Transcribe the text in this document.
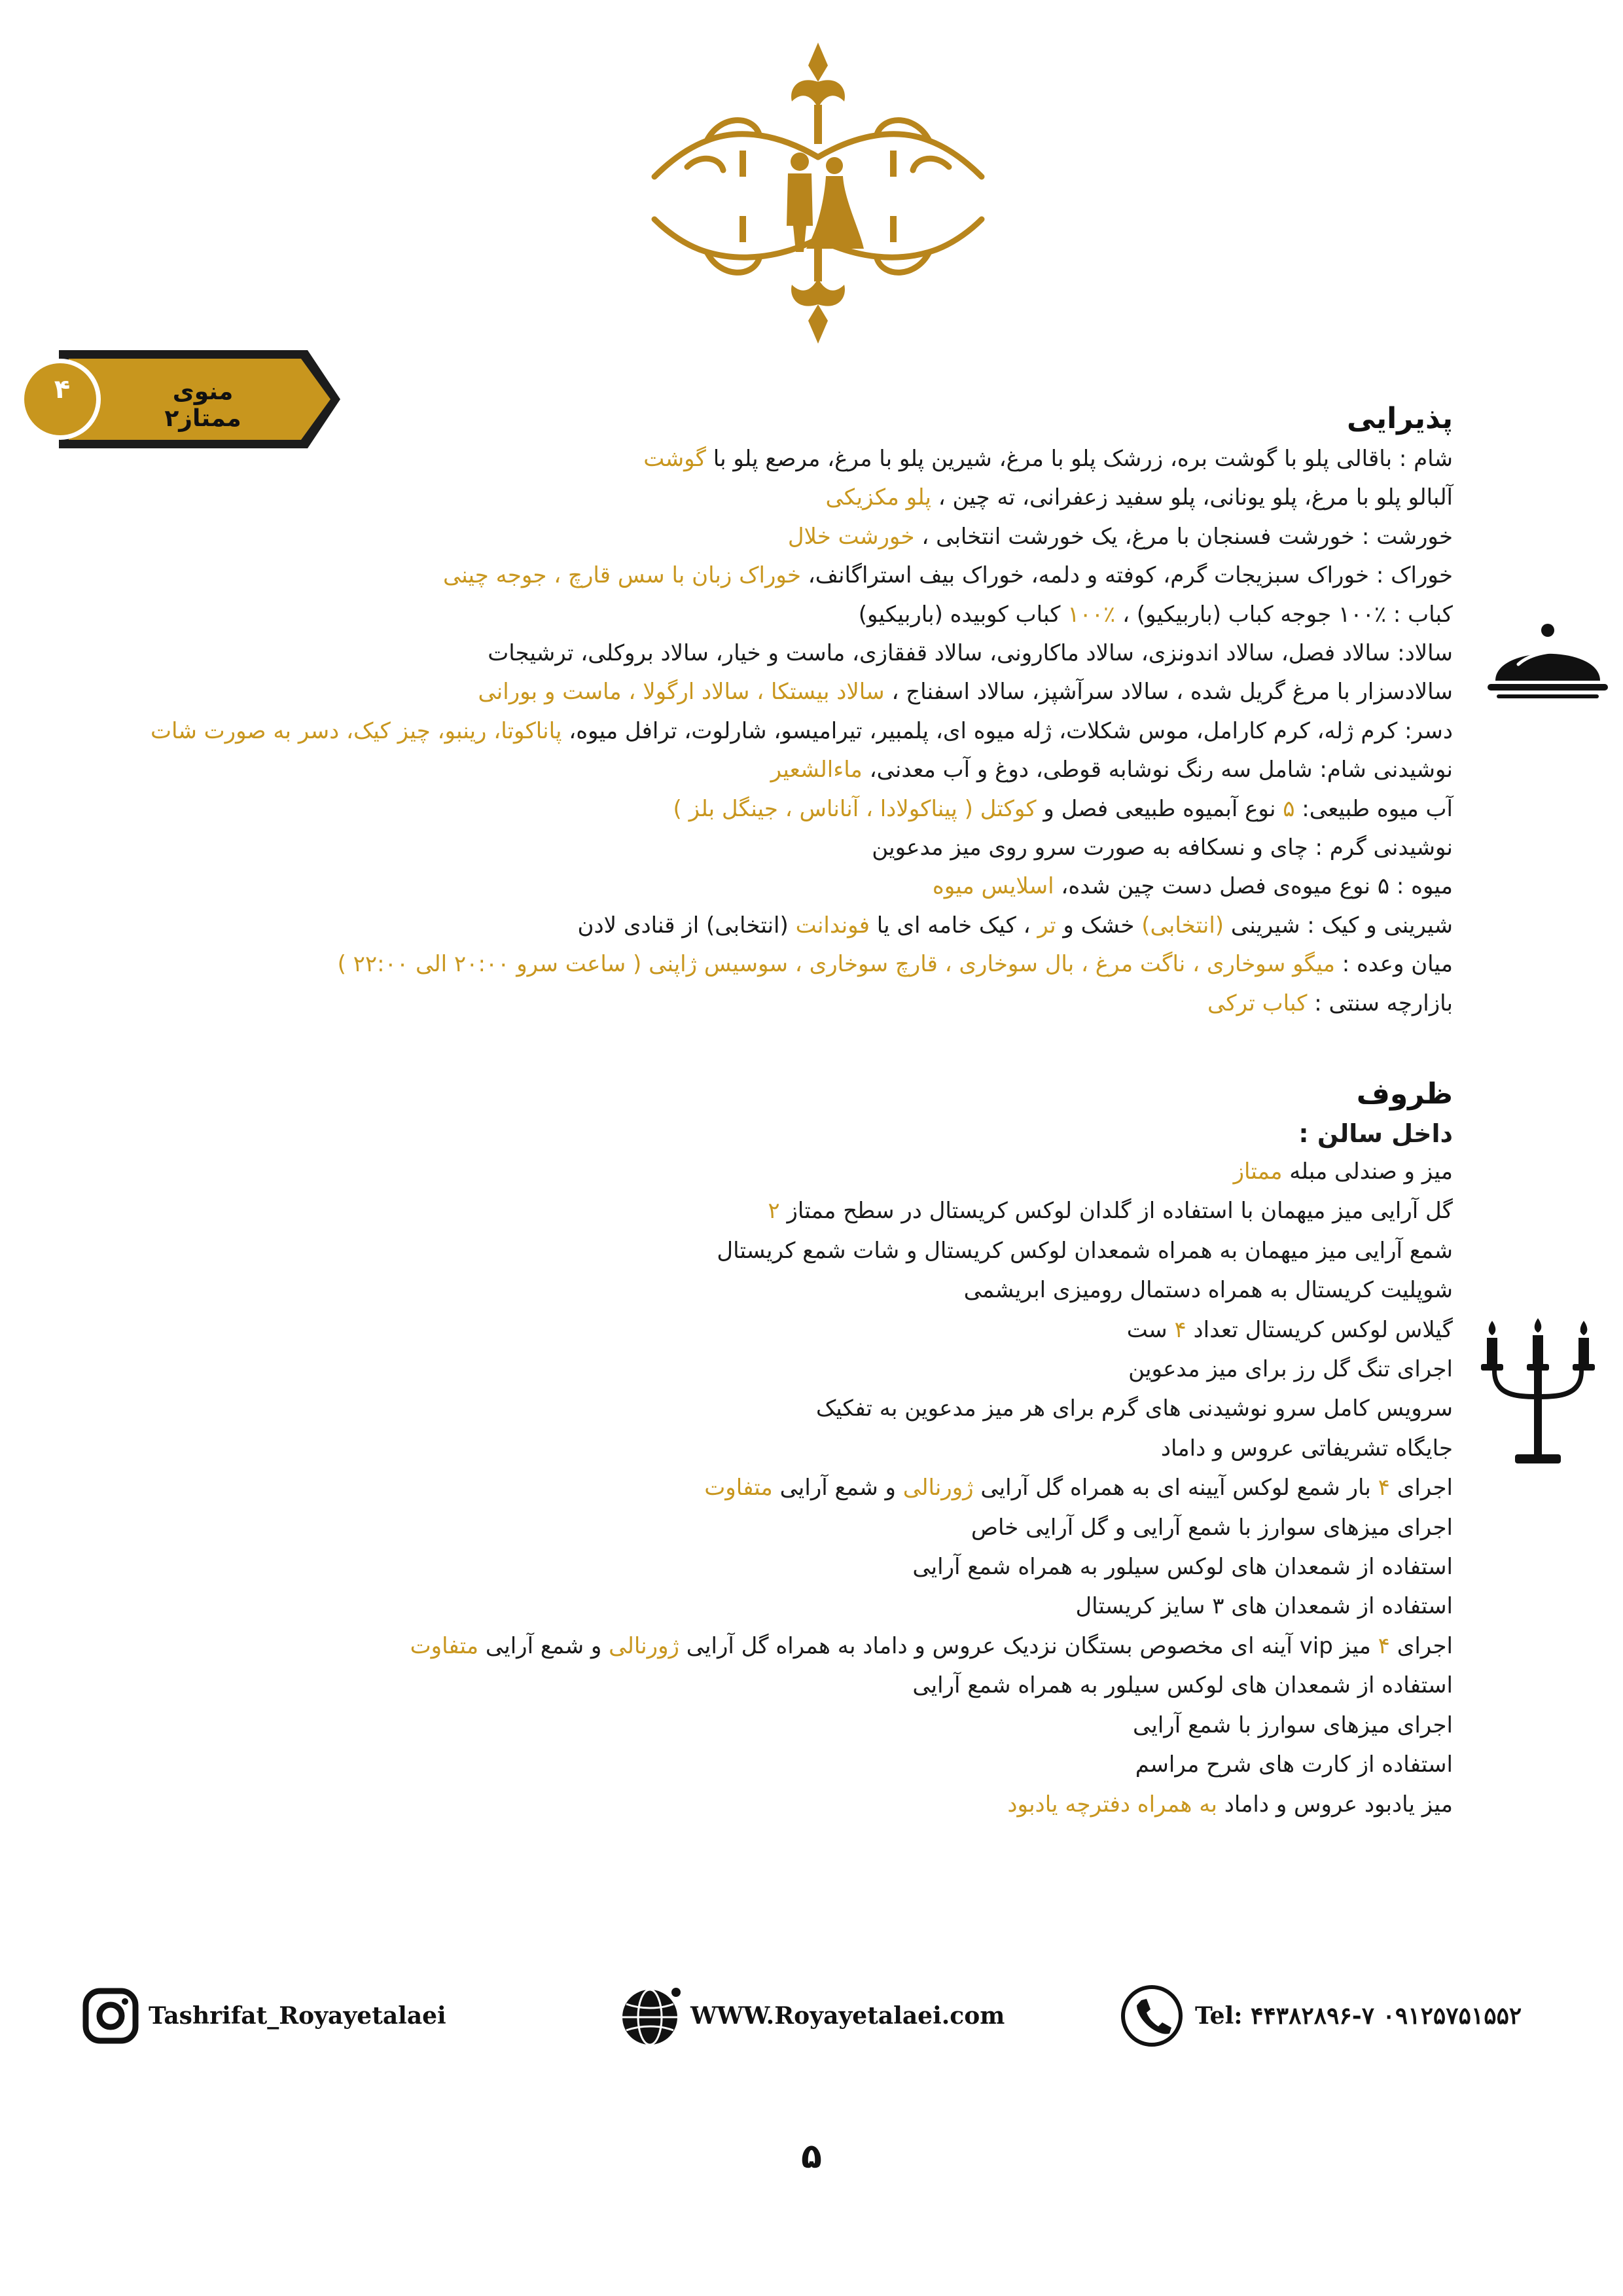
منوی ممتاز۲
۴
پذیرایی
شام : باقالی پلو با گوشت بره، زرشک پلو با مرغ، شیرین پلو با مرغ، مرصع پلو با گوشت
آلبالو پلو با مرغ، پلو یونانی، پلو سفید زعفرانی، ته چین ، پلو مکزیکی
خورشت : خورشت فسنجان با مرغ، یک خورشت انتخابی ، خورشت خلال
خوراک : خوراک سبزیجات گرم، کوفته و دلمه، خوراک بیف استراگانف، خوراک زبان با سس قارچ ، جوجه چینی
کباب : ٪۱۰۰ جوجه کباب (باربیکیو) ، ٪۱۰۰ کباب کوبیده (باربیکیو)
سالاد: سالاد فصل، سالاد اندونزی، سالاد ماکارونی، سالاد قفقازی، ماست و خیار، سالاد بروکلی، ترشیجات
سالادسزار با مرغ گریل شده ، سالاد سرآشپز، سالاد اسفناج ، سالاد بیستکا ، سالاد ارگولا ، ماست و بورانی
دسر: کرم ژله، کرم کارامل، موس شکلات، ژله میوه ای، پلمبیر، تیرامیسو، شارلوت، ترافل میوه، پاناکوتا، رینبو، چیز کیک، دسر به صورت شات
نوشیدنی شام: شامل سه رنگ نوشابه قوطی، دوغ و آب معدنی، ماءالشعیر
آب میوه طبیعی: ۵ نوع آبمیوه طبیعی فصل و کوکتل ( پیناکولادا ، آناناس ، جینگل بلز )
نوشیدنی گرم : چای و نسکافه به صورت سرو روی میز مدعوین
میوه : ۵ نوع میوه‌ی فصل دست چین شده، اسلایس میوه
شیرینی و کیک : شیرینی (انتخابی) خشک و تر ، کیک خامه ای یا فوندانت (انتخابی) از قنادی لادن
میان وعده : میگو سوخاری ، ناگت مرغ ، بال سوخاری ، قارچ سوخاری ، سوسیس ژاپنی ( ساعت سرو ۲۰:۰۰ الی ۲۲:۰۰ )
بازارچه سنتی : کباب ترکی
ظروف
داخل سالن :
میز و صندلی مبله ممتاز
گل آرایی میز میهمان با استفاده از گلدان لوکس کریستال در سطح ممتاز ۲
شمع آرایی میز میهمان به همراه شمعدان لوکس کریستال و شات شمع کریستال
شوپلیت کریستال به همراه دستمال رومیزی ابریشمی
گیلاس لوکس کریستال تعداد ۴ ست
اجرای تنگ گل رز برای میز مدعوین
سرویس کامل سرو نوشیدنی های گرم برای هر میز مدعوین به تفکیک
جایگاه تشریفاتی عروس و داماد
اجرای ۴ بار شمع لوکس آیینه ای به همراه گل آرایی ژورنالی و شمع آرایی متفاوت
اجرای میزهای سوارز با شمع آرایی و گل آرایی خاص
استفاده از شمعدان های لوکس سیلور به همراه شمع آرایی
استفاده از شمعدان های ۳ سایز کریستال
اجرای ۴ میز vip آینه ای مخصوص بستگان نزدیک عروس و داماد به همراه گل آرایی ژورنالی و شمع آرایی متفاوت
استفاده از شمعدان های لوکس سیلور به همراه شمع آرایی
اجرای میزهای سوارز با شمع آرایی
استفاده از کارت های شرح مراسم
میز یادبود عروس و داماد به همراه دفترچه یادبود
Tashrifat_Royayetalaei	WWW.Royayetalaei.com	Tel: ۴۴۳۸۲۸۹۶-۷ ۰۹۱۲۵۷۵۱۵۵۲
۵
